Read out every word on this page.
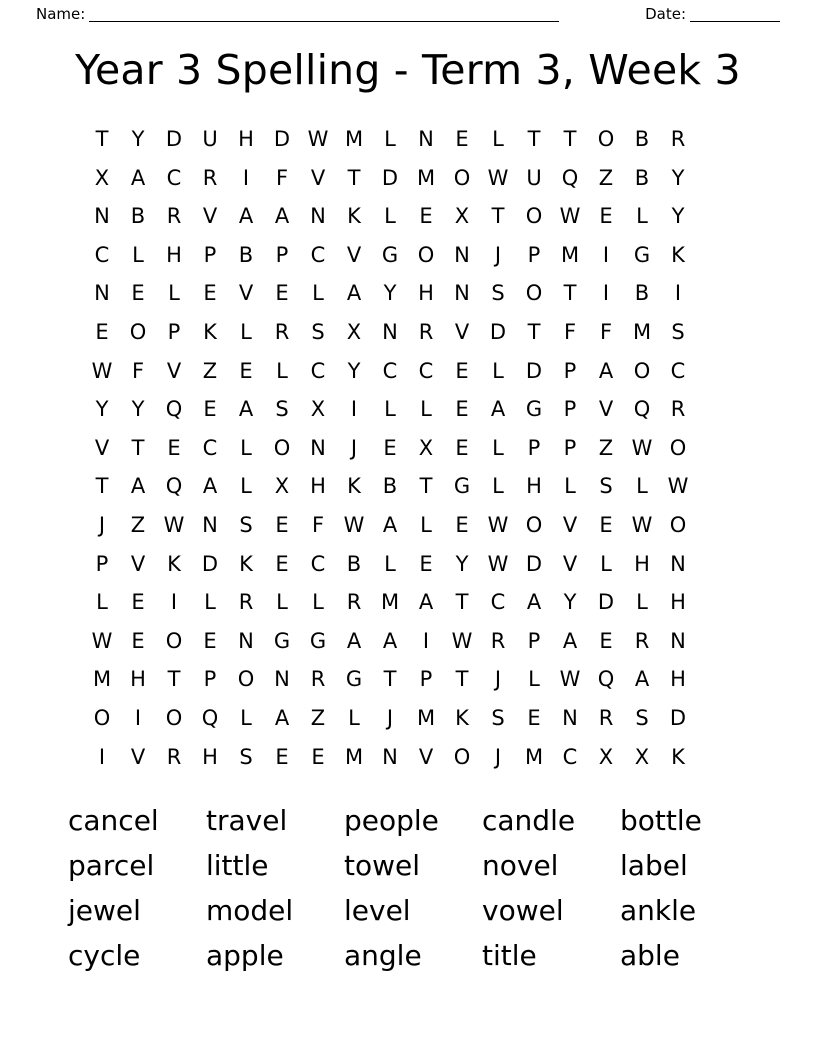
Name:	Date:
Year 3 Spelling - Term 3, Week 3
T	Y	D U H D W M	L	N	E	L	T	T	O B	R
X	A	C	R	I	F	V	T	D M O W U Q Z	B	Y
N B	R	V	A	A N	K	L	E	X	T	O W E	L	Y
C	L	H	P	B	P	C	V G O N	J	P M	I	G K
N	E	L	E	V	E	L	A	Y	H N	S	O	T	I	B	I
E	O	P	K	L	R	S	X N R	V D	T	F	F M S
W F	V	Z	E	L	C	Y	C	C	E	L	D	P	A O C
Y	Y	Q	E	A	S	X	I	L	L	E	A G	P	V Q R
V	T	E	C	L	O N	J	E	X	E	L	P	P	Z W O
T	A Q A	L	X H	K	B	T	G	L	H	L	S	L W
J	Z W N	S	E	F W A	L	E W O V	E W O
P	V	K	D	K	E	C	B	L	E	Y W D V	L	H N
L	E	I	L	R	L	L	R M A	T	C	A	Y	D	L	H
W E	O	E	N G G A	A	I	W R	P	A	E	R N
M H	T	P	O N R G	T	P	T	J	L W Q A H
O	I	O Q	L	A	Z	L	J	M K	S	E	N R	S	D
I	V	R H	S	E	E M N V O	J	M C	X	X	K
cancel	travel	people	candle	bottle
parcel	little	towel	novel	label
jewel	model	level	vowel	ankle
cycle	apple	angle	title	able
